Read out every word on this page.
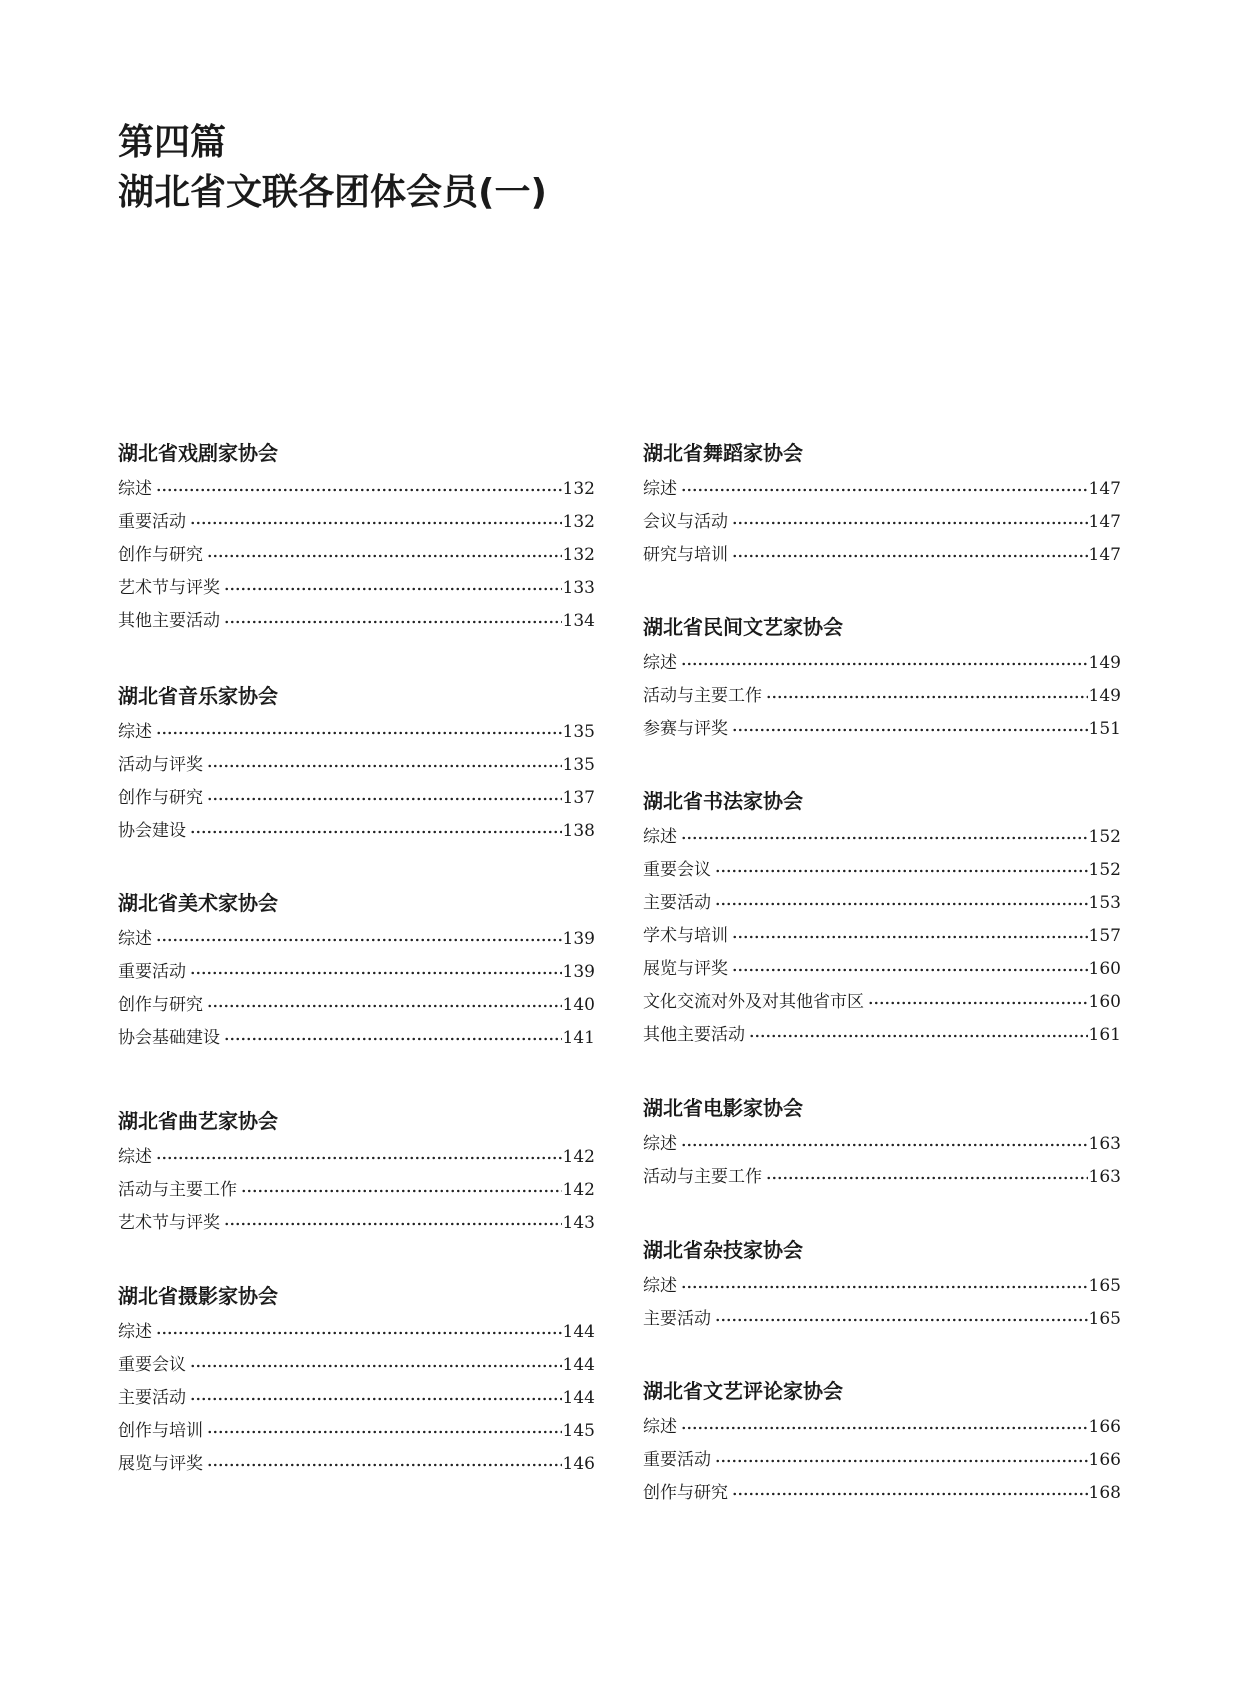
第四篇
湖北省文联各团体会员(一)
湖北省戏剧家协会
综述	132
重要活动	132
创作与研究	132
艺术节与评奖	133
其他主要活动	134
湖北省音乐家协会
综述	135
活动与评奖	135
创作与研究	137
协会建设	138
湖北省美术家协会
综述	139
重要活动	139
创作与研究	140
协会基础建设	141
湖北省曲艺家协会
综述	142
活动与主要工作	142
艺术节与评奖	143
湖北省摄影家协会
综述	144
重要会议	144
主要活动	144
创作与培训	145
展览与评奖	146
湖北省舞蹈家协会
综述	147
会议与活动	147
研究与培训	147
湖北省民间文艺家协会
综述	149
活动与主要工作	149
参赛与评奖	151
湖北省书法家协会
综述	152
重要会议	152
主要活动	153
学术与培训	157
展览与评奖	160
文化交流对外及对其他省市区	160
其他主要活动	161
湖北省电影家协会
综述	163
活动与主要工作	163
湖北省杂技家协会
综述	165
主要活动	165
湖北省文艺评论家协会
综述	166
重要活动	166
创作与研究	168
